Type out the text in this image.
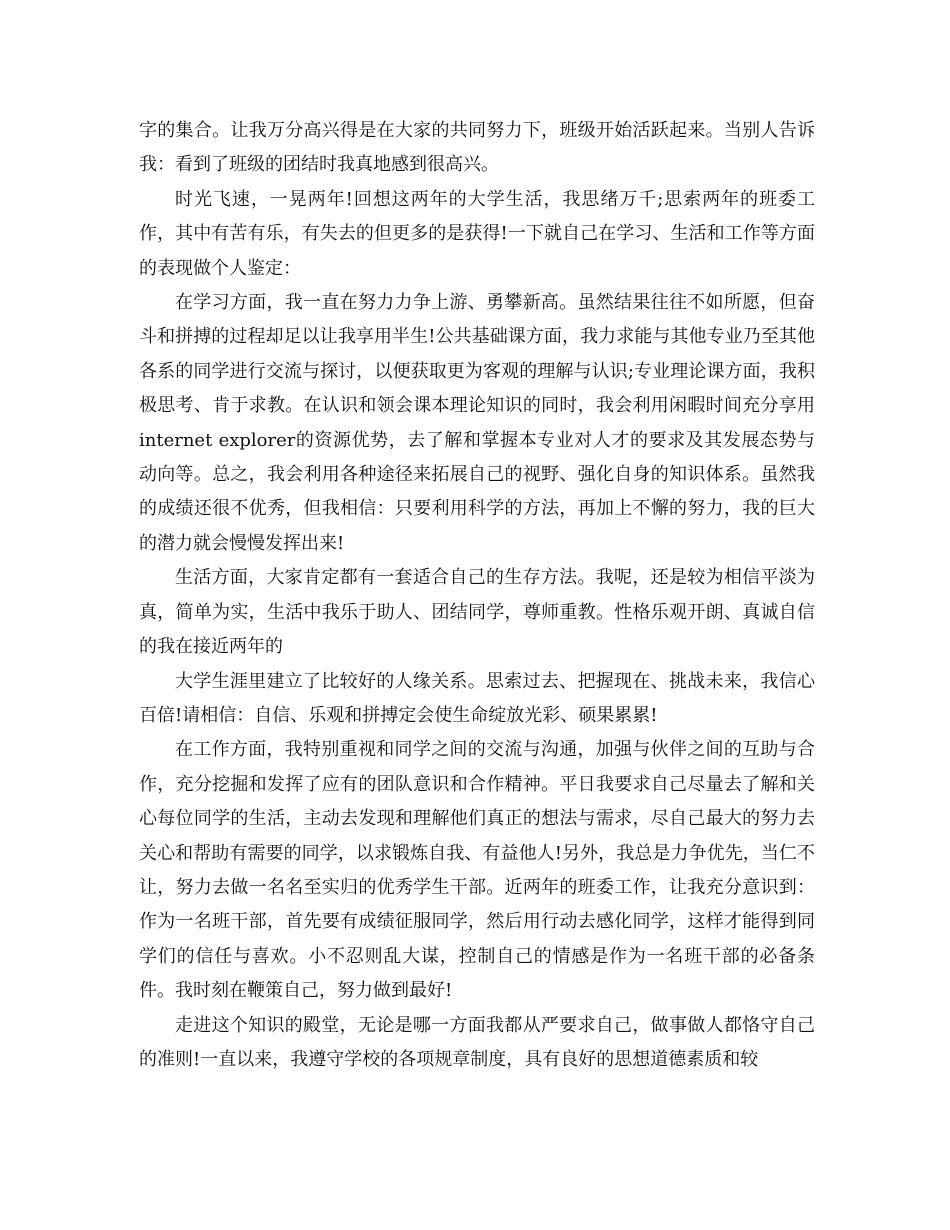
字的集合。让我万分高兴得是在大家的共同努力下，班级开始活跃起来。当别人告诉我：看到了班级的团结时我真地感到很高兴。

时光飞速，一晃两年!回想这两年的大学生活，我思绪万千;思索两年的班委工作，其中有苦有乐，有失去的但更多的是获得!一下就自己在学习、生活和工作等方面的表现做个人鉴定：

在学习方面，我一直在努力力争上游、勇攀新高。虽然结果往往不如所愿，但奋斗和拼搏的过程却足以让我享用半生!公共基础课方面，我力求能与其他专业乃至其他各系的同学进行交流与探讨，以便获取更为客观的理解与认识;专业理论课方面，我积极思考、肯于求教。在认识和领会课本理论知识的同时，我会利用闲暇时间充分享用internet explorer的资源优势，去了解和掌握本专业对人才的要求及其发展态势与动向等。总之，我会利用各种途径来拓展自己的视野、强化自身的知识体系。虽然我的成绩还很不优秀，但我相信：只要利用科学的方法，再加上不懈的努力，我的巨大的潜力就会慢慢发挥出来!

生活方面，大家肯定都有一套适合自己的生存方法。我呢，还是较为相信平淡为真，简单为实，生活中我乐于助人、团结同学，尊师重教。性格乐观开朗、真诚自信的我在接近两年的

大学生涯里建立了比较好的人缘关系。思索过去、把握现在、挑战未来，我信心百倍!请相信：自信、乐观和拼搏定会使生命绽放光彩、硕果累累!

在工作方面，我特别重视和同学之间的交流与沟通，加强与伙伴之间的互助与合作，充分挖掘和发挥了应有的团队意识和合作精神。平日我要求自己尽量去了解和关心每位同学的生活，主动去发现和理解他们真正的想法与需求，尽自己最大的努力去关心和帮助有需要的同学，以求锻炼自我、有益他人!另外，我总是力争优先，当仁不让，努力去做一名名至实归的优秀学生干部。近两年的班委工作，让我充分意识到：作为一名班干部，首先要有成绩征服同学，然后用行动去感化同学，这样才能得到同学们的信任与喜欢。小不忍则乱大谋，控制自己的情感是作为一名班干部的必备条件。我时刻在鞭策自己，努力做到最好!

走进这个知识的殿堂，无论是哪一方面我都从严要求自己，做事做人都恪守自己的准则!一直以来，我遵守学校的各项规章制度，具有良好的思想道德素质和较
